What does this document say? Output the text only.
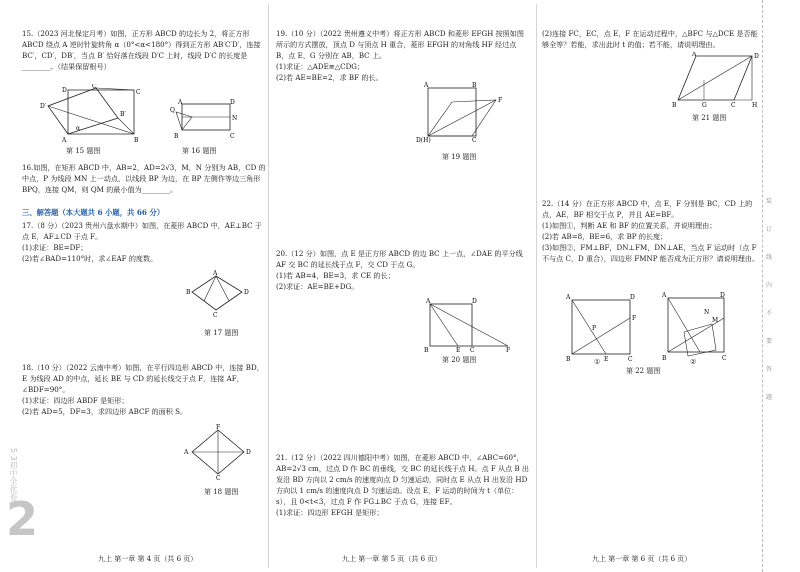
15.（2023 河北保定月考）如图，正方形 ABCD 的边长为 2，将正方形 ABCD 绕点 A 逆时针旋转角 α（0°<α<180°）得到正方形 AB′C′D′，连接 BC′，CD′，DB′，当点 B′ 恰好落在线段 D′C 上时，线段 D′C 的长度是________。（结果保留根号）
A	B
C
D
D′
B′
C′
α
第 15 题图
A	D
B	C
Q
N
第 16 题图
16.如图，在矩形 ABCD 中，AB=2，AD=2√3，M，N 分别为 AB，CD 的中点，P 为线段 MN 上一动点，以线段 BP 为边，在 BP 左侧作等边三角形 BPQ，连接 QM，则 QM 的最小值为________。
三、解答题（本大题共 6 小题，共 66 分）
17.（8 分）（2023 贵州六盘水期中）如图，在菱形 ABCD 中，AE⊥BC 于点 E，AF⊥CD 于点 F。
(1)求证：BE=DF；
(2)若∠BAD=110°时，求∠EAF 的度数。
A
D
B
C
第 17 题图
18.（10 分）（2022 云南中考）如图，在平行四边形 ABCD 中，连接 BD，E 为线段 AD 的中点，延长 BE 与 CD 的延长线交于点 F，连接 AF，∠BDF=90°。
(1)求证：四边形 ABDF 是矩形；
(2)若 AD=5，DF=3，求四边形 ABCF 的面积 S。
F
D
A
C
第 18 题图
5·3初中全优卷
2
九上 第一章 第 4 页（共 6 页）
19.（10 分）（2022 贵州遵义中考）将正方形 ABCD 和菱形 EFGH 按照如图所示的方式摆放，顶点 D 与顶点 H 重合，菱形 EFGH 的对角线 HF 经过点 B，点 E，G 分别在 AB，BC 上。
(1)求证：△ADE≌△CDG；
(2)若 AE=BE=2，求 BF 的长。
A	B
D(H)	C
F
第 19 题图
20.（12 分）如图，点 E 是正方形 ABCD 的边 BC 上一点，∠DAE 的平分线 AF 交 BC 的延长线于点 F，交 CD 于点 G。
(1)若 AB=4，BE=3，求 CE 的长；
(2)求证：AE=BE+DG。
A	D
B	E C	F
第 20 题图
21.（12 分）（2022 四川德阳中考）如图，在菱形 ABCD 中，∠ABC=60°，AB=2√3 cm，过点 D 作 BC 的垂线，交 BC 的延长线于点 H。点 F 从点 B 出发沿 BD 方向以 2 cm/s 的速度向点 D 匀速运动，同时点 E 从点 H 出发沿 HD 方向以 1 cm/s 的速度向点 D 匀速运动。设点 E，F 运动的时间为 t（单位：s），且 0<t<3，过点 F 作 FG⊥BC 于点 G，连接 EF。
(1)求证：四边形 EFGH 是矩形；
九上 第一章 第 5 页（共 6 页）
(2)连接 FC，EC，点 E，F 在运动过程中，△BFC 与△DCE 是否能够全等？若能，求出此时 t 的值；若不能，请说明理由。
A	D
B	G	C	H
第 21 题图
22.（14 分）在正方形 ABCD 中，点 E，F 分别是 BC，CD 上的点，AE，BF 相交于点 P，并且 AE=BF。
(1)如图①，判断 AE 和 BF 的位置关系，并说明理由；
(2)若 AB=8，BE=6，求 BP 的长度；
(3)如图②，FM⊥BF，DN⊥FM，DN⊥AE，当点 F 运动时（点 F 不与点 C，D 重合），四边形 FMNP 能否成为正方形？请说明理由。
A	D
B	E	C
F
P
①
A	D
M
N
B	C
②
第 22 题图
九上 第一章 第 6 页（共 6 页）
装
订
线
内
不
要
答
题
